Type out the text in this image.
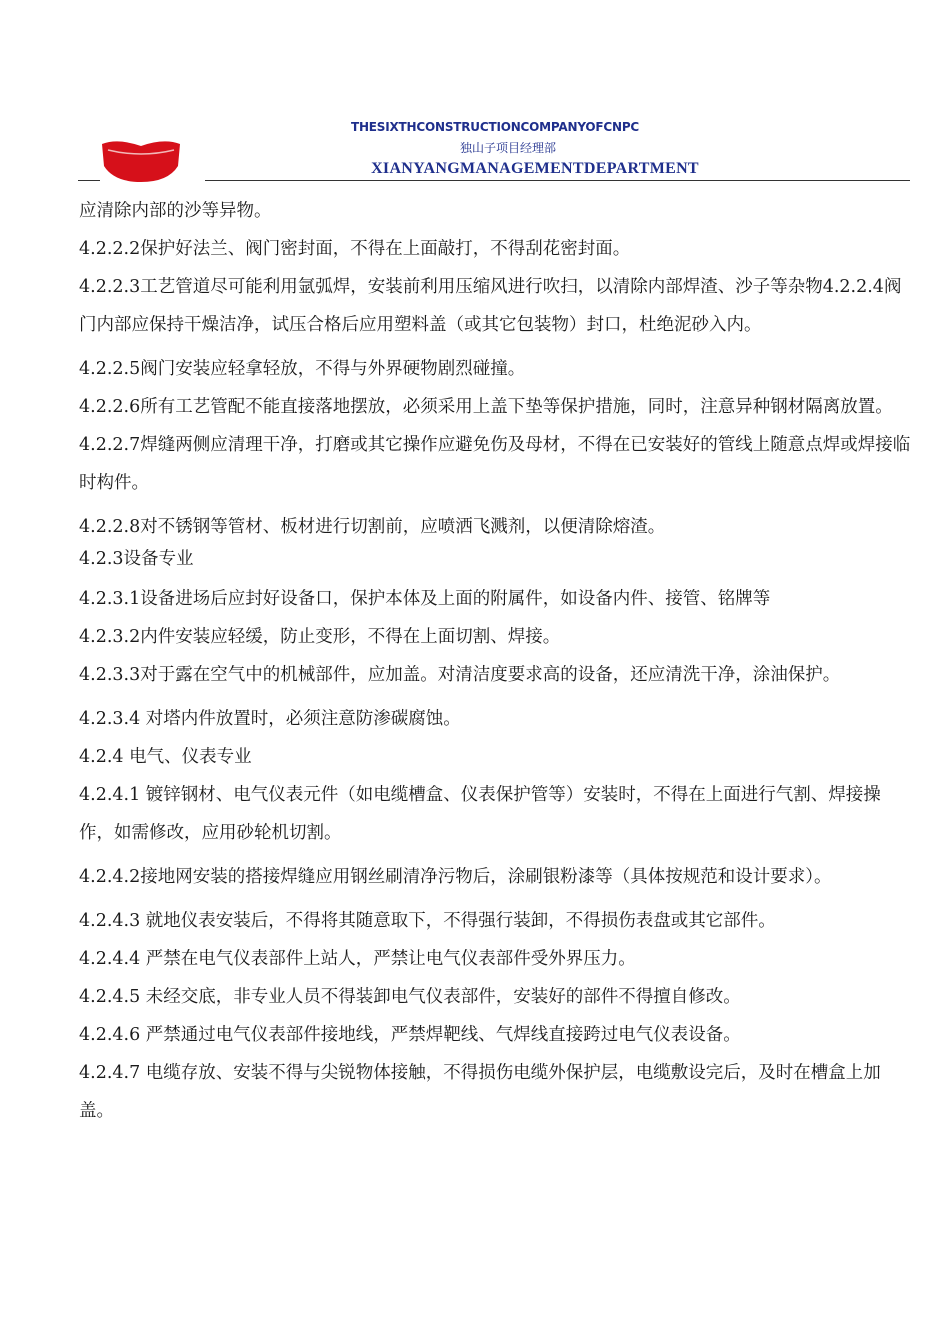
THESIXTHCONSTRUCTIONCOMPANYOFCNPC
独山子项目经理部
XIANYANGMANAGEMENTDEPARTMENT

应清除内部的沙等异物。

4.2.2.2保护好法兰、阀门密封面，不得在上面敲打，不得刮花密封面。

4.2.2.3工艺管道尽可能利用氩弧焊，安装前利用压缩风进行吹扫，以清除内部焊渣、沙子等杂物4.2.2.4阀门内部应保持干燥洁净，试压合格后应用塑料盖（或其它包装物）封口，杜绝泥砂入内。

4.2.2.5阀门安装应轻拿轻放，不得与外界硬物剧烈碰撞。

4.2.2.6所有工艺管配不能直接落地摆放，必须采用上盖下垫等保护措施，同时，注意异种钢材隔离放置。

4.2.2.7焊缝两侧应清理干净，打磨或其它操作应避免伤及母材，不得在已安装好的管线上随意点焊或焊接临时构件。

4.2.2.8对不锈钢等管材、板材进行切割前，应喷洒飞溅剂，以便清除熔渣。

4.2.3设备专业

4.2.3.1设备进场后应封好设备口，保护本体及上面的附属件，如设备内件、接管、铭牌等

4.2.3.2内件安装应轻缓，防止变形，不得在上面切割、焊接。

4.2.3.3对于露在空气中的机械部件，应加盖。对清洁度要求高的设备，还应清洗干净，涂油保护。

4.2.3.4 对塔内件放置时，必须注意防渗碳腐蚀。

4.2.4 电气、仪表专业

4.2.4.1 镀锌钢材、电气仪表元件（如电缆槽盒、仪表保护管等）安装时，不得在上面进行气割、焊接操作，如需修改，应用砂轮机切割。

4.2.4.2接地网安装的搭接焊缝应用钢丝刷清净污物后，涂刷银粉漆等（具体按规范和设计要求）。

4.2.4.3 就地仪表安装后，不得将其随意取下，不得强行装卸，不得损伤表盘或其它部件。

4.2.4.4 严禁在电气仪表部件上站人，严禁让电气仪表部件受外界压力。

4.2.4.5 未经交底，非专业人员不得装卸电气仪表部件，安装好的部件不得擅自修改。

4.2.4.6 严禁通过电气仪表部件接地线，严禁焊靶线、气焊线直接跨过电气仪表设备。

4.2.4.7 电缆存放、安装不得与尖锐物体接触，不得损伤电缆外保护层，电缆敷设完后，及时在槽盒上加盖。
